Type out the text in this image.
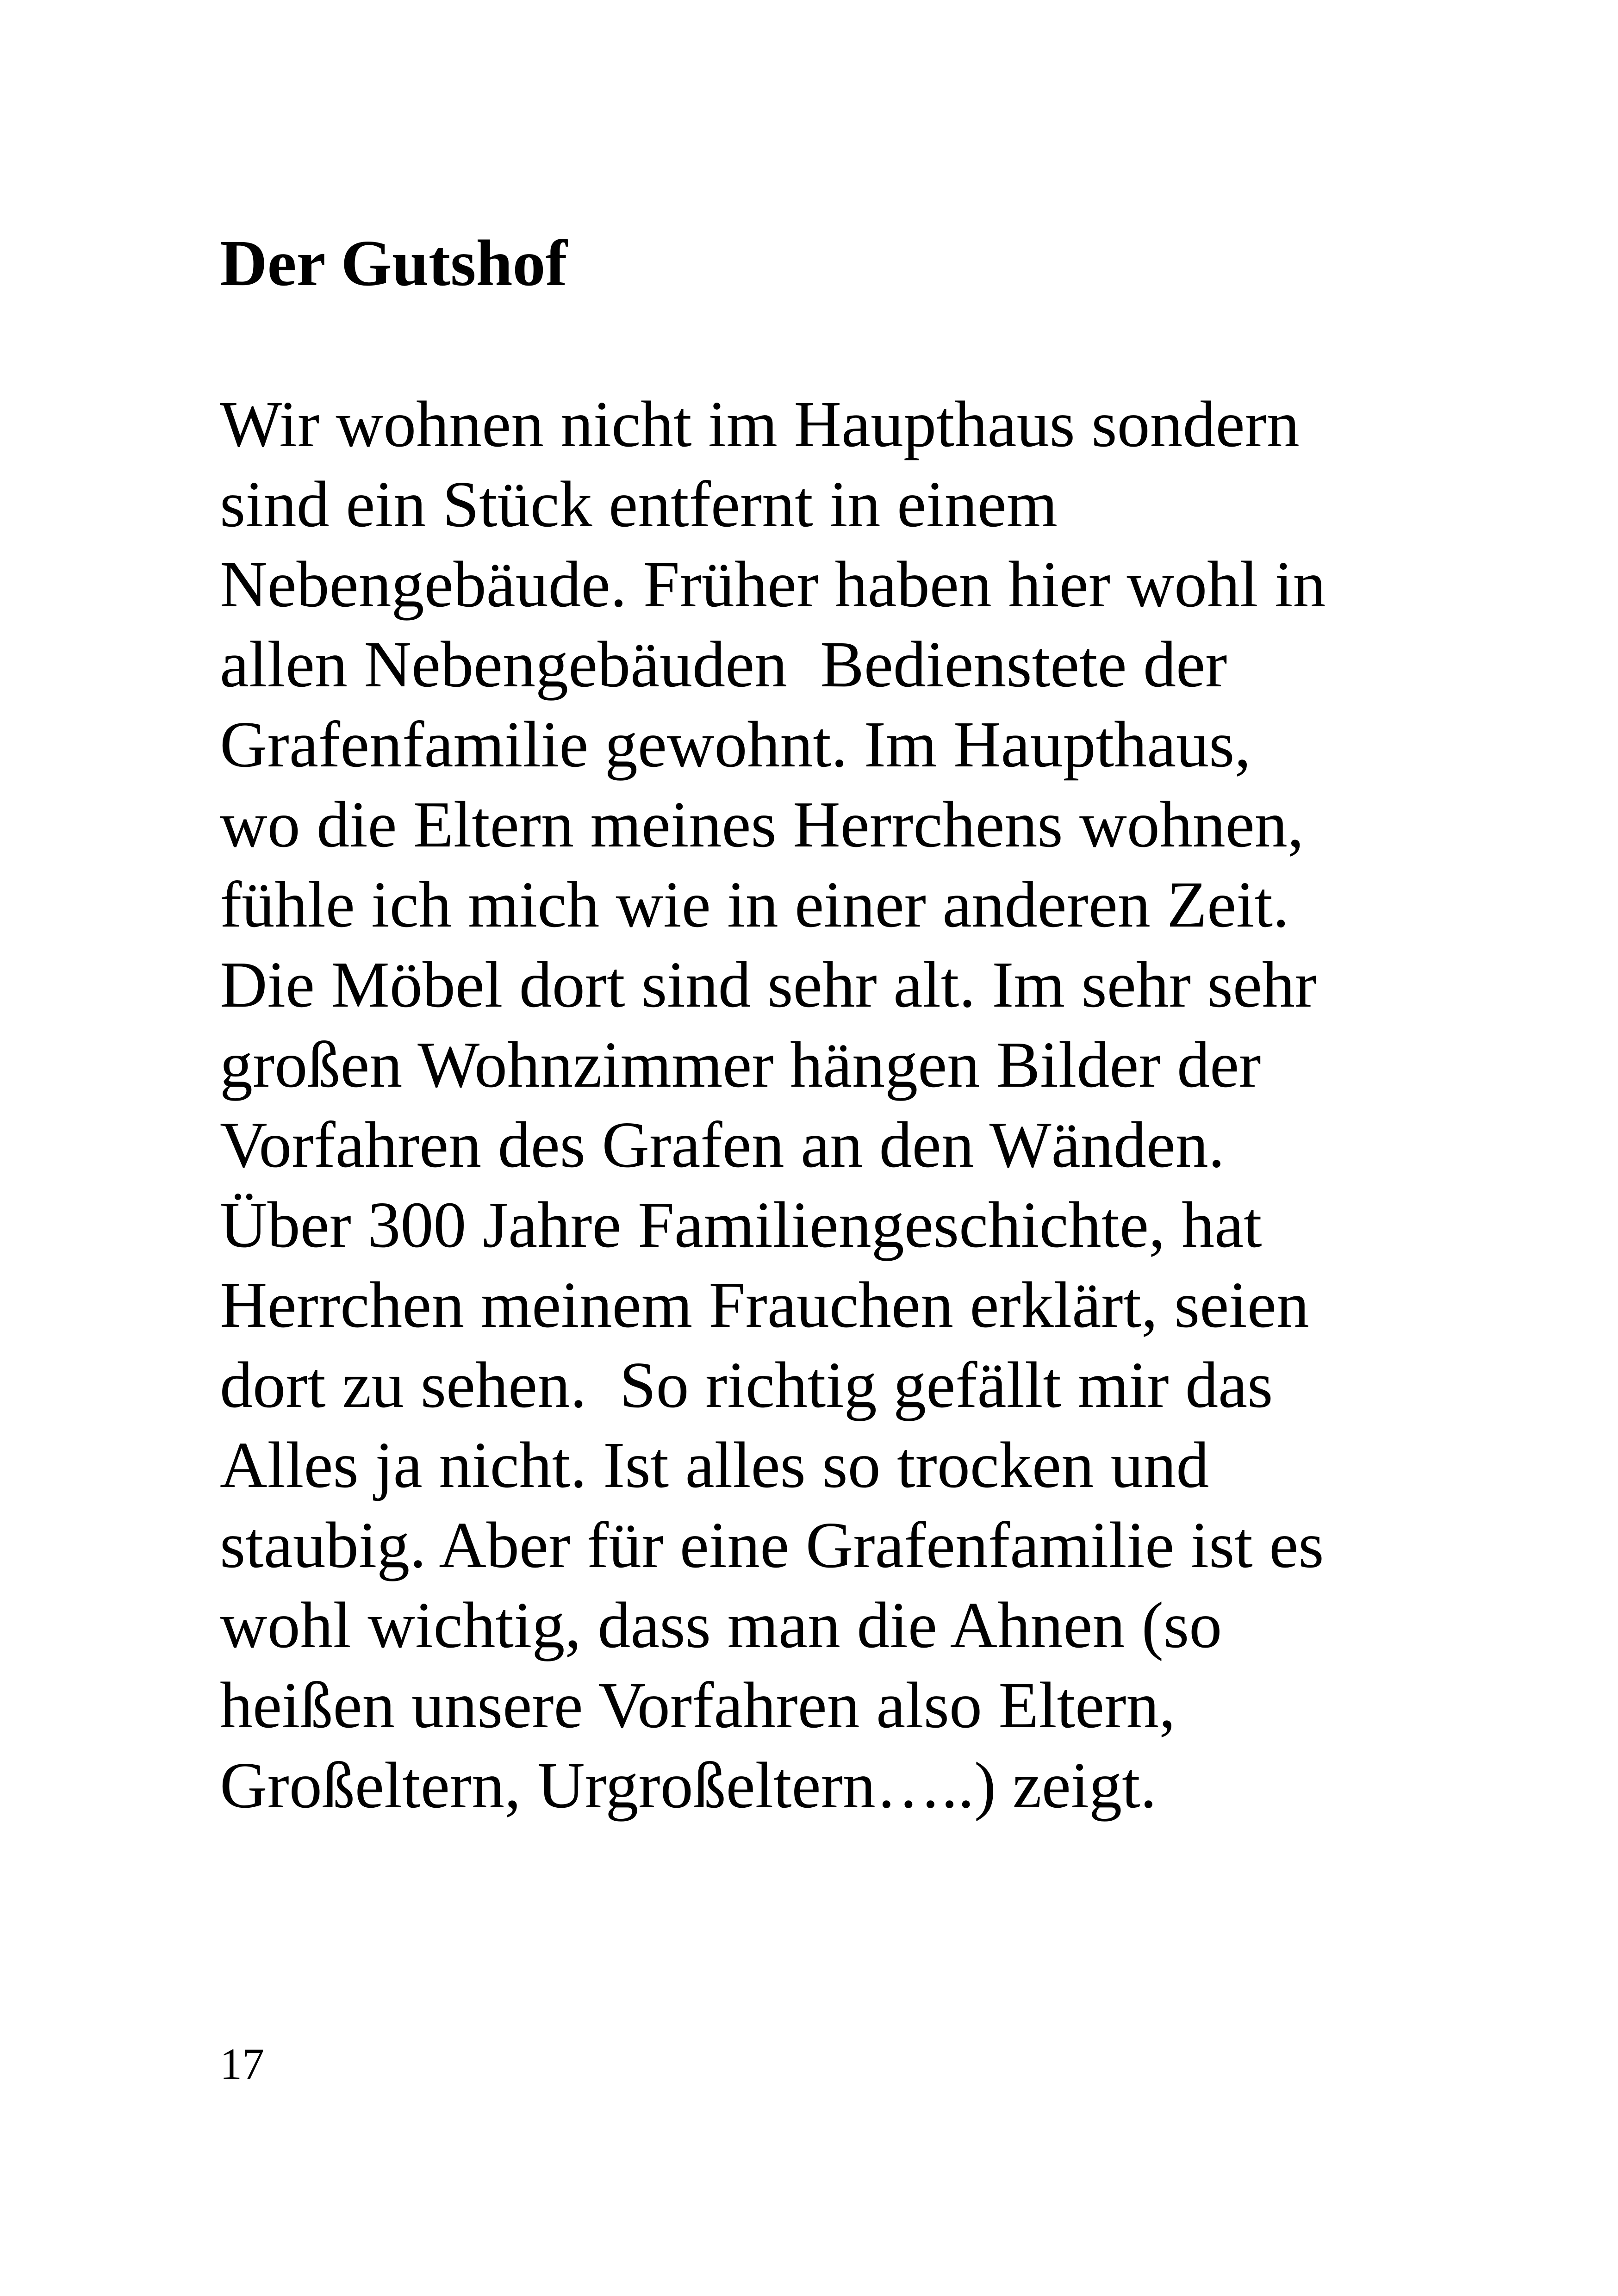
Der Gutshof
Wir wohnen nicht im Haupthaus sondern
sind ein Stück entfernt in einem
Nebengebäude. Früher haben hier wohl in
allen Nebengebäuden  Bedienstete der
Grafenfamilie gewohnt. Im Haupthaus,
wo die Eltern meines Herrchens wohnen,
fühle ich mich wie in einer anderen Zeit.
Die Möbel dort sind sehr alt. Im sehr sehr
großen Wohnzimmer hängen Bilder der
Vorfahren des Grafen an den Wänden.
Über 300 Jahre Familiengeschichte, hat
Herrchen meinem Frauchen erklärt, seien
dort zu sehen.  So richtig gefällt mir das
Alles ja nicht. Ist alles so trocken und
staubig. Aber für eine Grafenfamilie ist es
wohl wichtig, dass man die Ahnen (so
heißen unsere Vorfahren also Eltern,
Großeltern, Urgroßeltern…..) zeigt.
17
